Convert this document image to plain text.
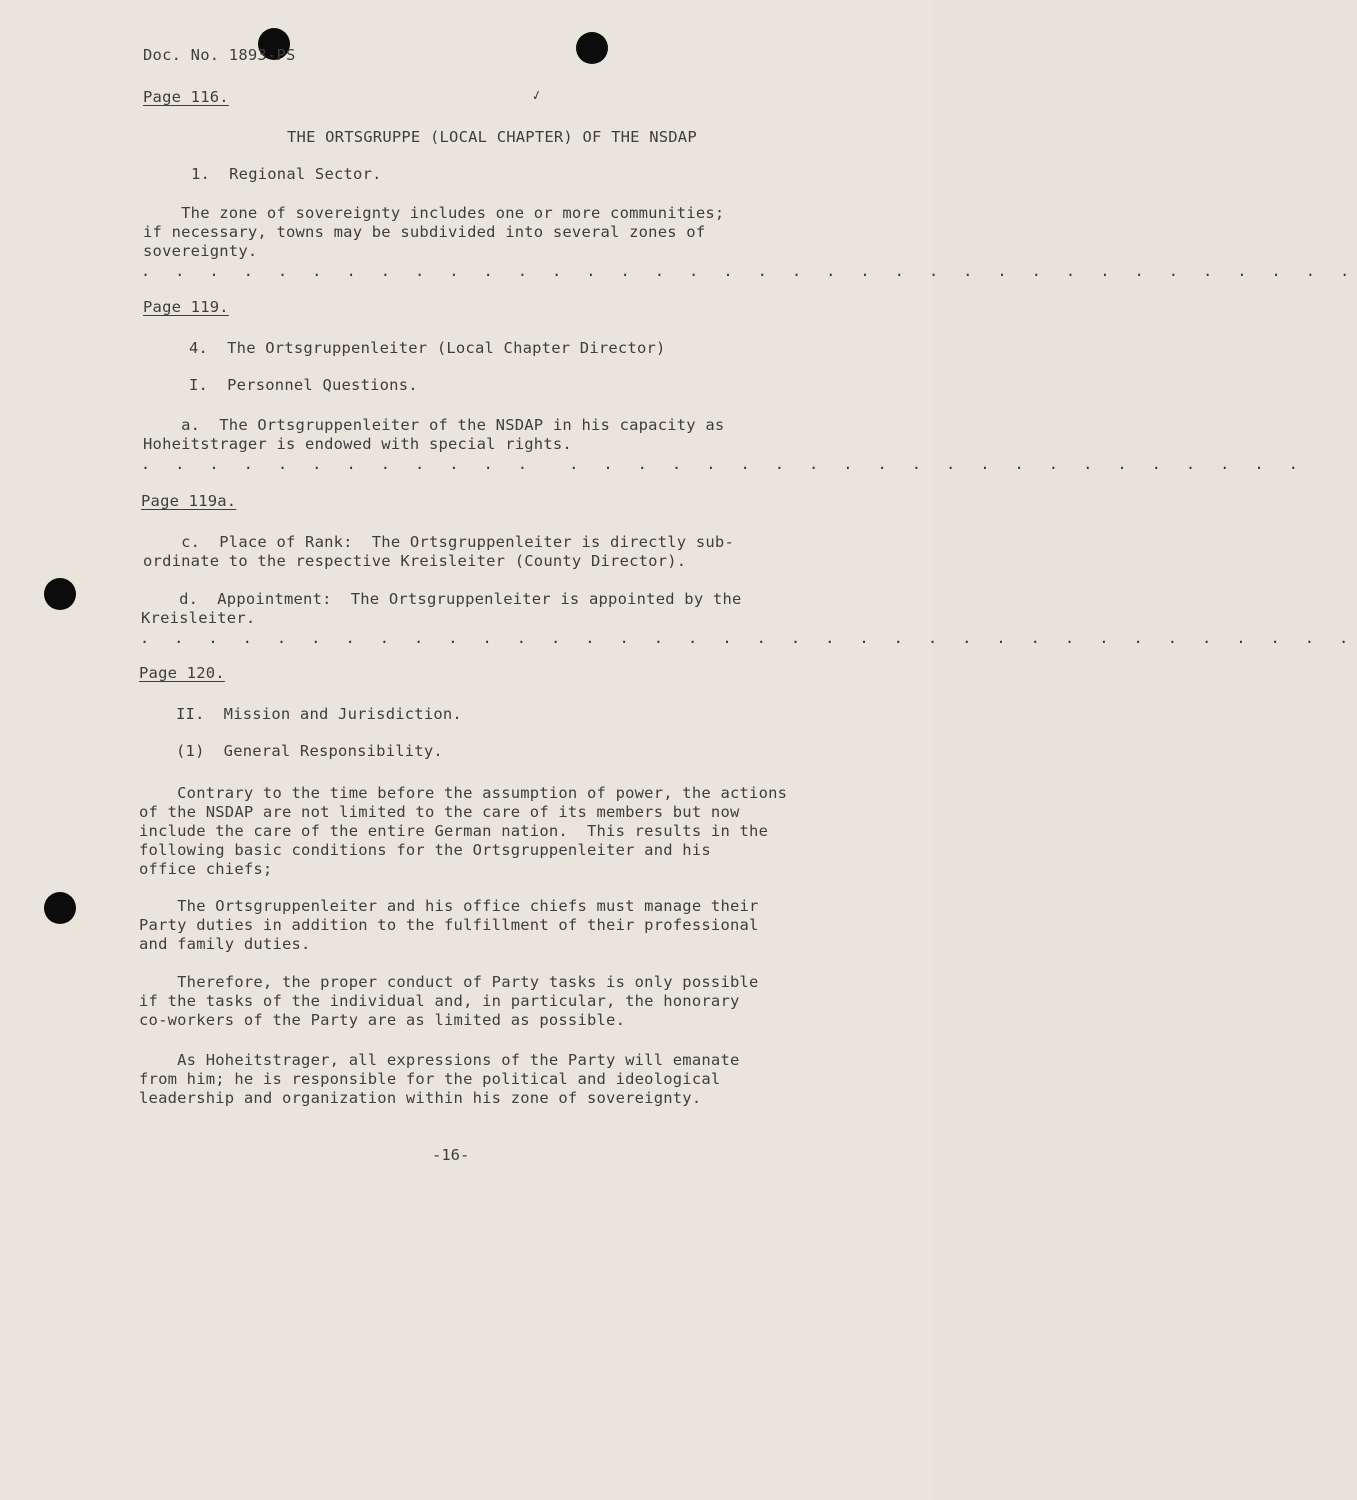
Doc. No. 1893-PS
✓
Page 116.
THE ORTSGRUPPE (LOCAL CHAPTER) OF THE NSDAP
1.  Regional Sector.
The zone of sovereignty includes one or more communities;
if necessary, towns may be subdivided into several zones of
sovereignty.
. . . . . . . . . . . . . . . . . . . . . . . . . . . . . . . . . . . .
Page 119.
4.  The Ortsgruppenleiter (Local Chapter Director)
I.  Personnel Questions.
a.  The Ortsgruppenleiter of the NSDAP in his capacity as
Hoheitstrager is endowed with special rights.
. . . . . . . . . . . .  . . . . . . . . . . . . . . . . . . . . . .
Page 119a.
c.  Place of Rank:  The Ortsgruppenleiter is directly sub-
ordinate to the respective Kreisleiter (County Director).
d.  Appointment:  The Ortsgruppenleiter is appointed by the
Kreisleiter.
. . . . . . . . . . . . . . . . . . . . . . . . . . . . . . . . . . . .
Page 120.
II.  Mission and Jurisdiction.
(1)  General Responsibility.
Contrary to the time before the assumption of power, the actions
of the NSDAP are not limited to the care of its members but now
include the care of the entire German nation.  This results in the
following basic conditions for the Ortsgruppenleiter and his
office chiefs;
The Ortsgruppenleiter and his office chiefs must manage their
Party duties in addition to the fulfillment of their professional
and family duties.
Therefore, the proper conduct of Party tasks is only possible
if the tasks of the individual and, in particular, the honorary
co-workers of the Party are as limited as possible.
As Hoheitstrager, all expressions of the Party will emanate
from him; he is responsible for the political and ideological
leadership and organization within his zone of sovereignty.
-16-
